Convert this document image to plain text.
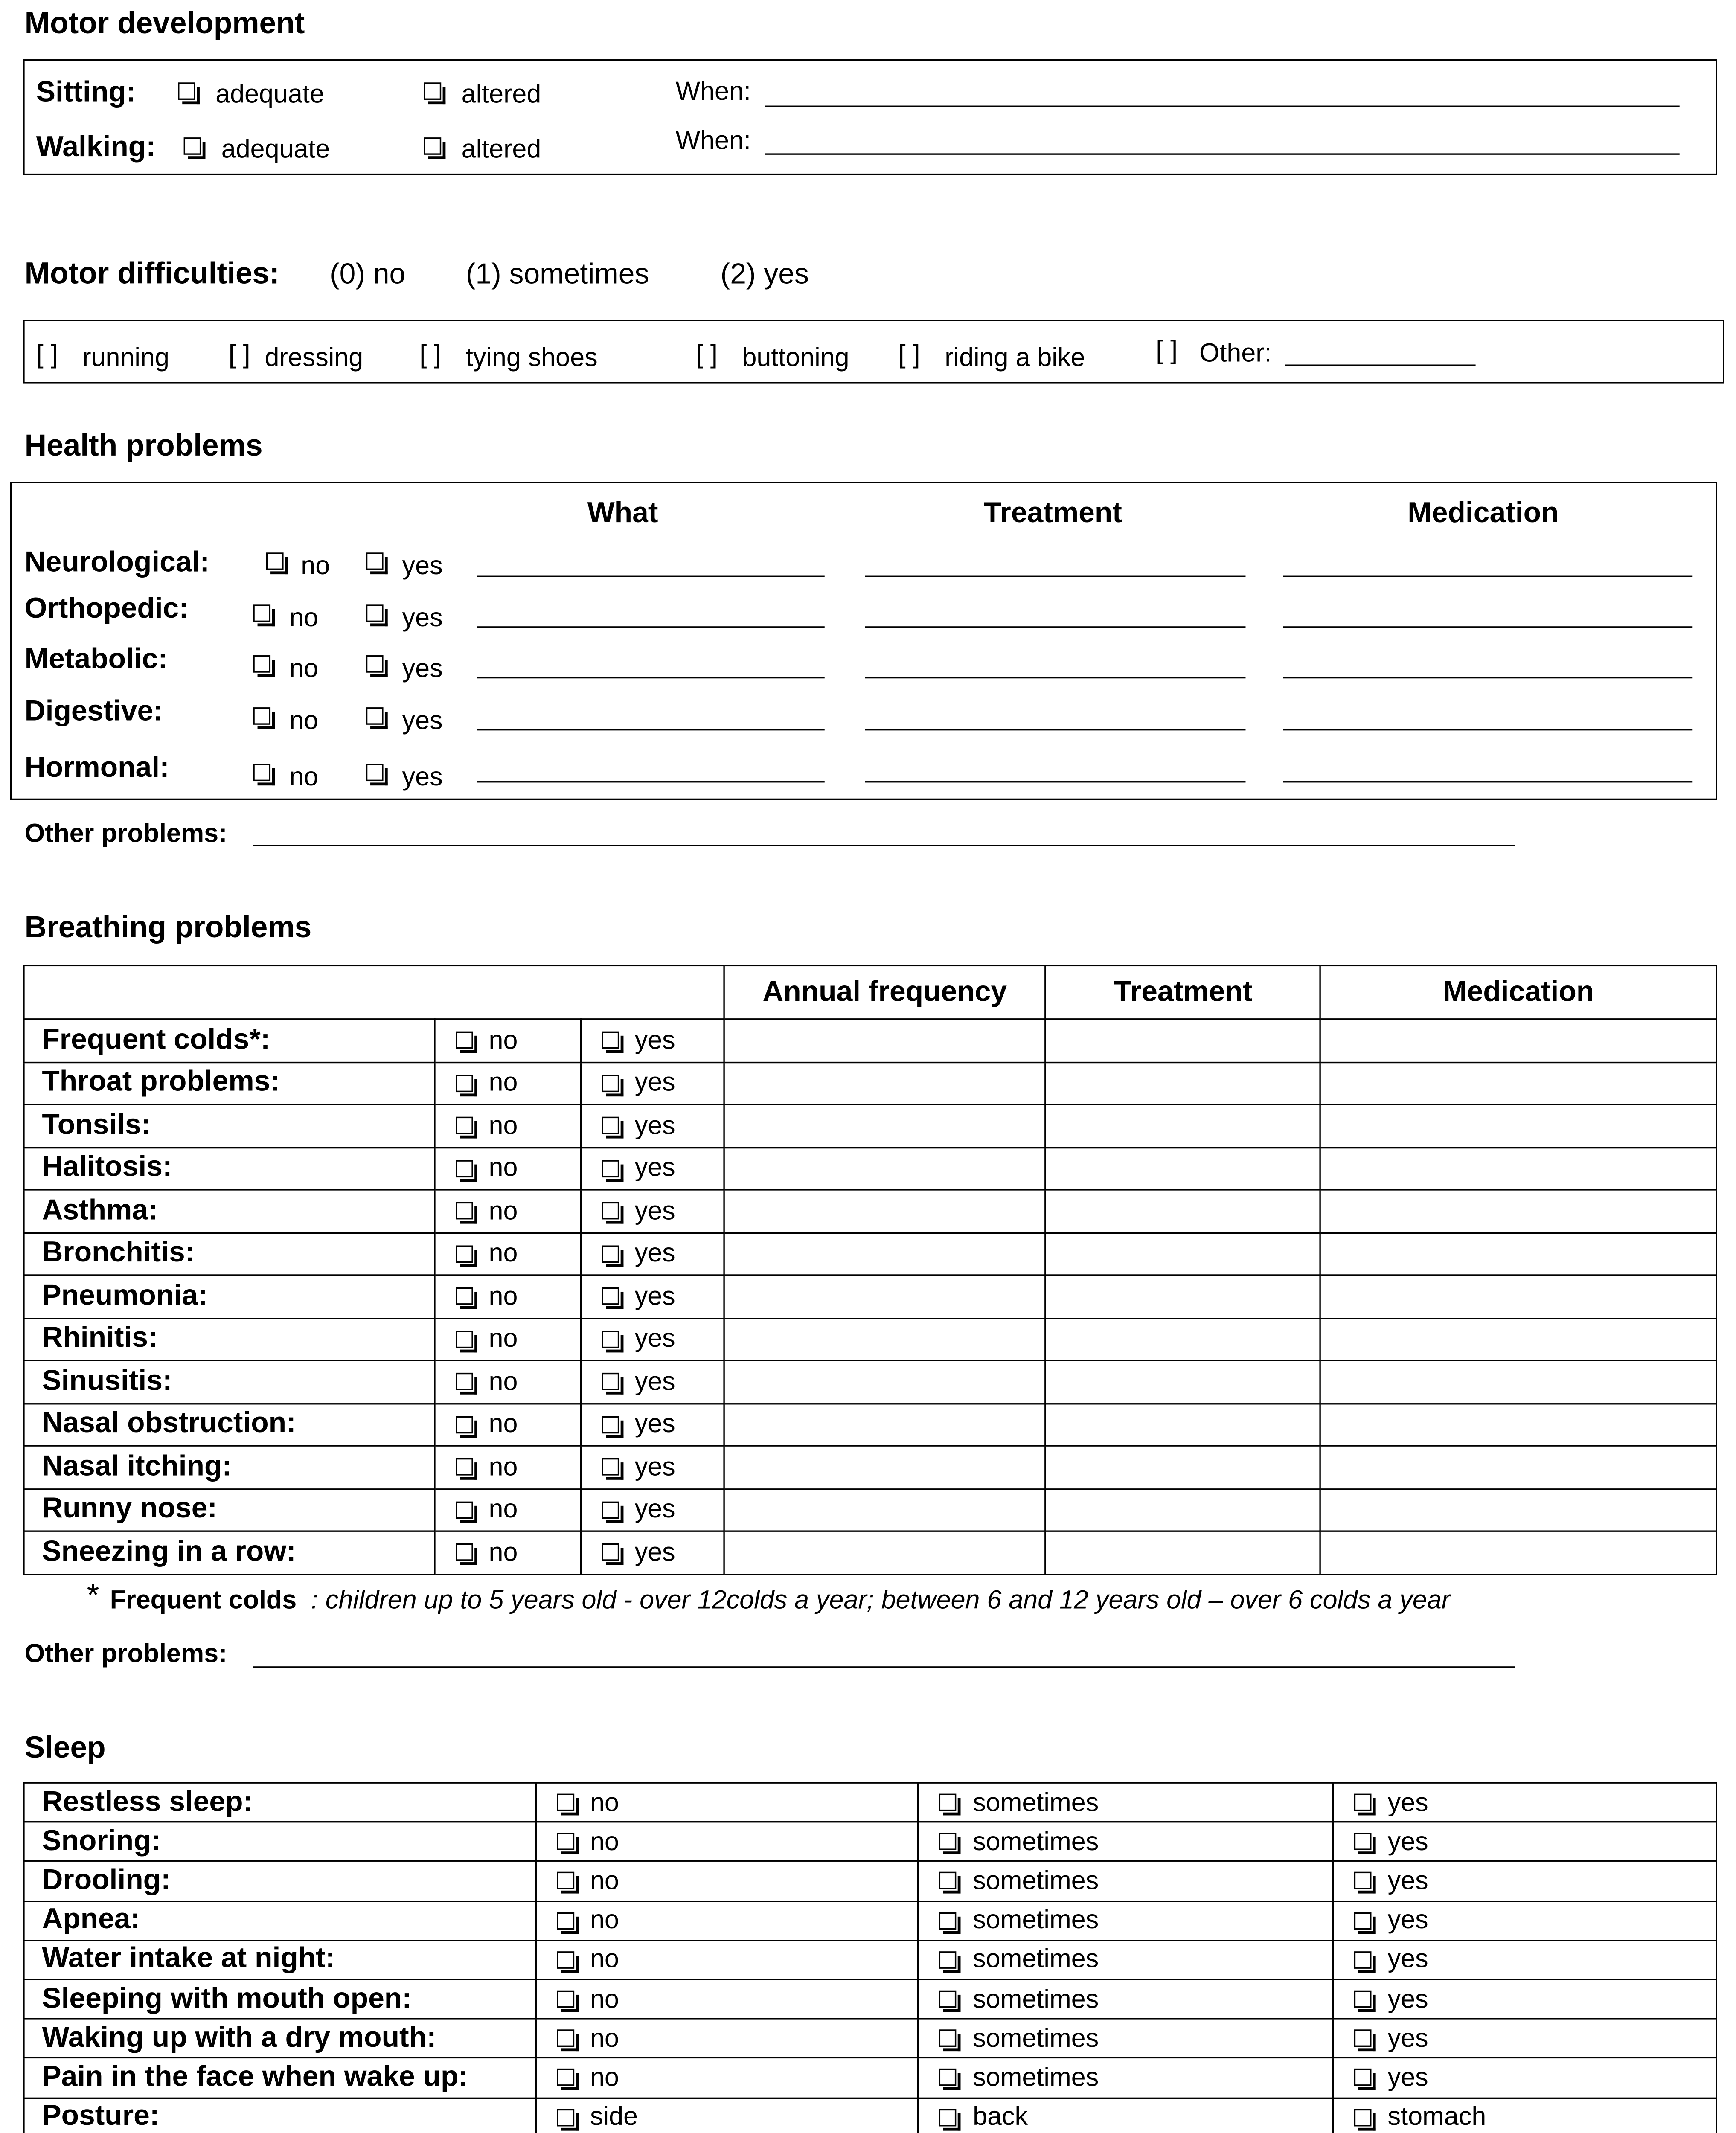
Motor development
Sitting:	adequate	altered	When:
Walking:	adequate	altered	When:
Motor difficulties:	(0) no	(1) sometimes	(2) yes
[ ]	running	[ ] dressing	[ ]	tying shoes	[ ]	buttoning	[ ]	riding a bike	[ ]	Other:
Health problems
What	Treatment	Medication
Neurological:	no	yes
Orthopedic:	no	yes
Metabolic:	no	yes
Digestive:	no	yes
Hormonal:	no	yes
Other problems:
Breathing problems
			Annual frequency	Treatment	Medication

Frequent colds*:	no	yes			

Throat problems:	no	yes			

Tonsils:	no	yes			

Halitosis:	no	yes			

Asthma:	no	yes			

Bronchitis:	no	yes			

Pneumonia:	no	yes			

Rhinitis:	no	yes			

Sinusitis:	no	yes			

Nasal obstruction:	no	yes			

Nasal itching:	no	yes			

Runny nose:	no	yes			

Sneezing in a row:	no	yes			

* Frequent colds : children up to 5 years old - over 12colds a year; between 6 and 12 years old – over 6 colds a year
Other problems:
Sleep
Restless sleep:	no	sometimes	yes

Snoring:	no	sometimes	yes

Drooling:	no	sometimes	yes

Apnea:	no	sometimes	yes

Water intake at night:	no	sometimes	yes

Sleeping with mouth open:	no	sometimes	yes

Waking up with a dry mouth:	no	sometimes	yes

Pain in the face when wake up:	no	sometimes	yes

Posture:	side	back	stomach
